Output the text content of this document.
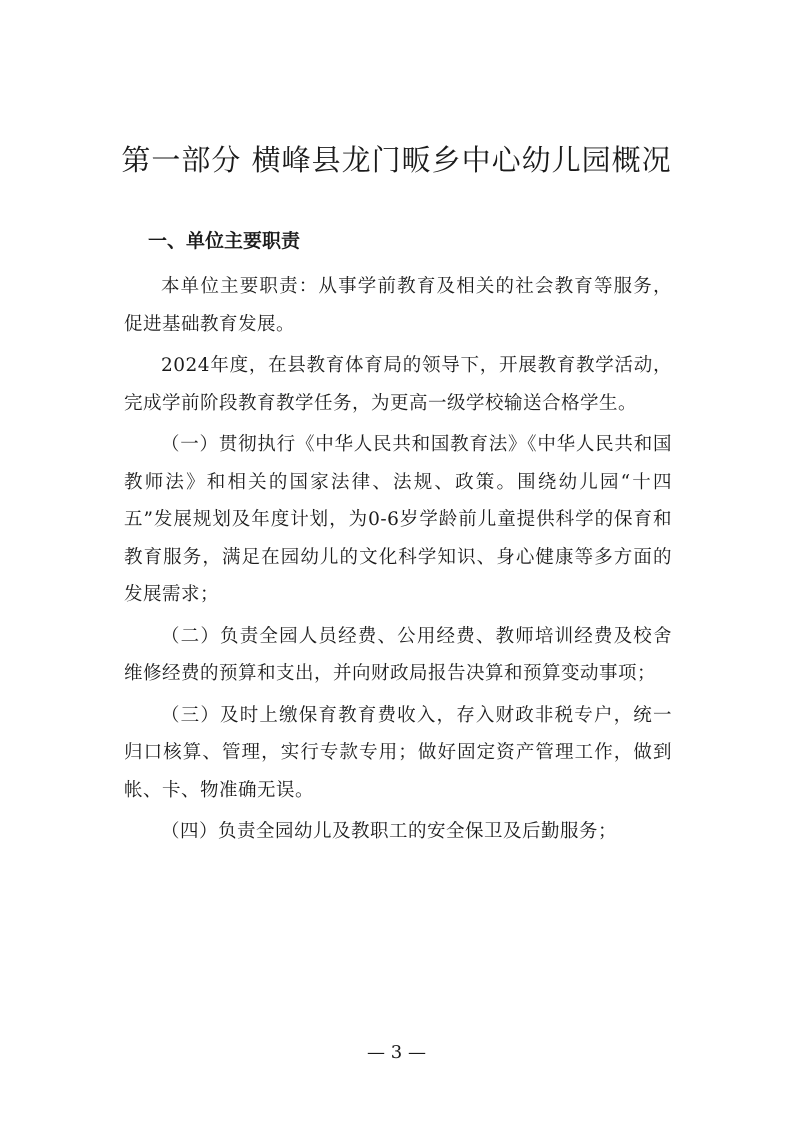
第一部分 横峰县龙门畈乡中心幼儿园概况
一、单位主要职责

本单位主要职责：从事学前教育及相关的社会教育等服务，促进基础教育发展。

2024年度，在县教育体育局的领导下，开展教育教学活动，完成学前阶段教育教学任务，为更高一级学校输送合格学生。

（一）贯彻执行《中华人民共和国教育法》《中华人民共和国教师法》和相关的国家法律、法规、政策。围绕幼儿园“十四五”发展规划及年度计划，为0-6岁学龄前儿童提供科学的保育和教育服务，满足在园幼儿的文化科学知识、身心健康等多方面的发展需求；

（二）负责全园人员经费、公用经费、教师培训经费及校舍维修经费的预算和支出，并向财政局报告决算和预算变动事项；

（三）及时上缴保育教育费收入，存入财政非税专户，统一归口核算、管理，实行专款专用；做好固定资产管理工作，做到帐、卡、物准确无误。

（四）负责全园幼儿及教职工的安全保卫及后勤服务；

— 3 —
